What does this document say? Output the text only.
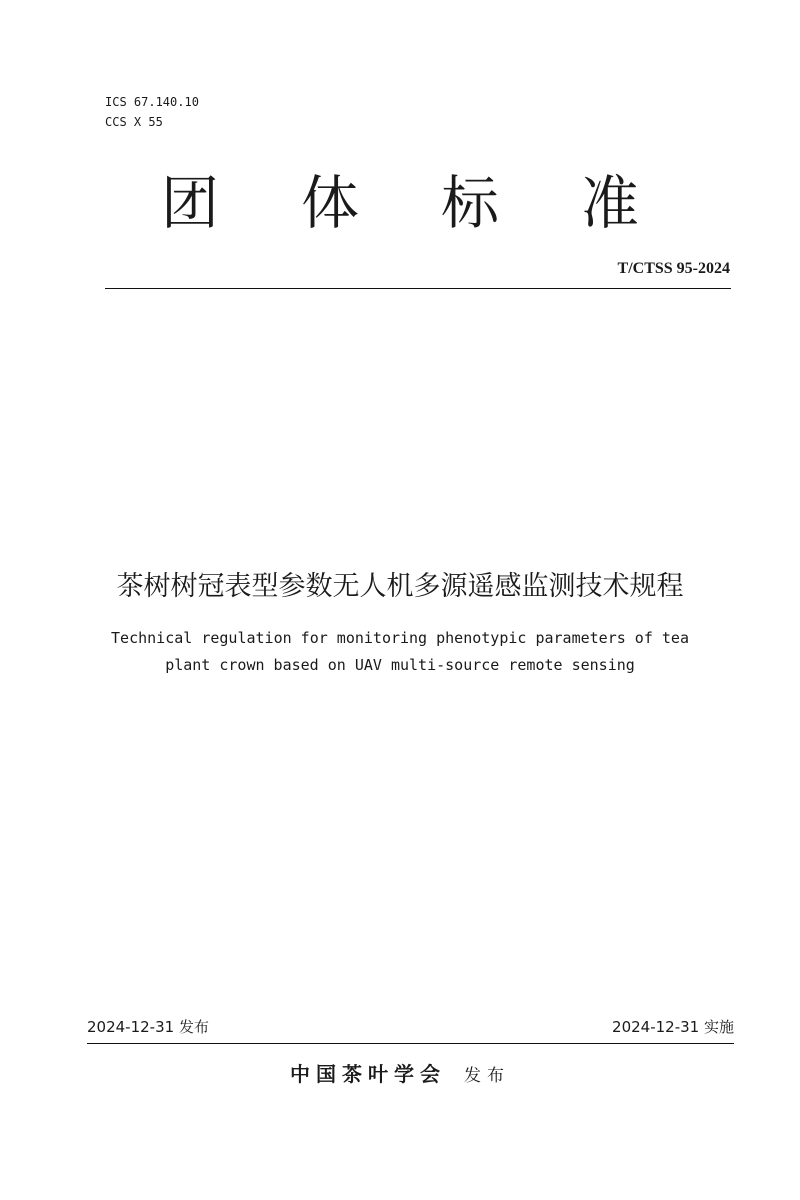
ICS 67.140.10
CCS X 55
团 体 标 准
T/CTSS 95-2024
茶树树冠表型参数无人机多源遥感监测技术规程
Technical regulation for monitoring phenotypic parameters of tea
plant crown based on UAV multi-source remote sensing
2024-12-31 发布	2024-12-31 实施
中国茶叶学会 发布
